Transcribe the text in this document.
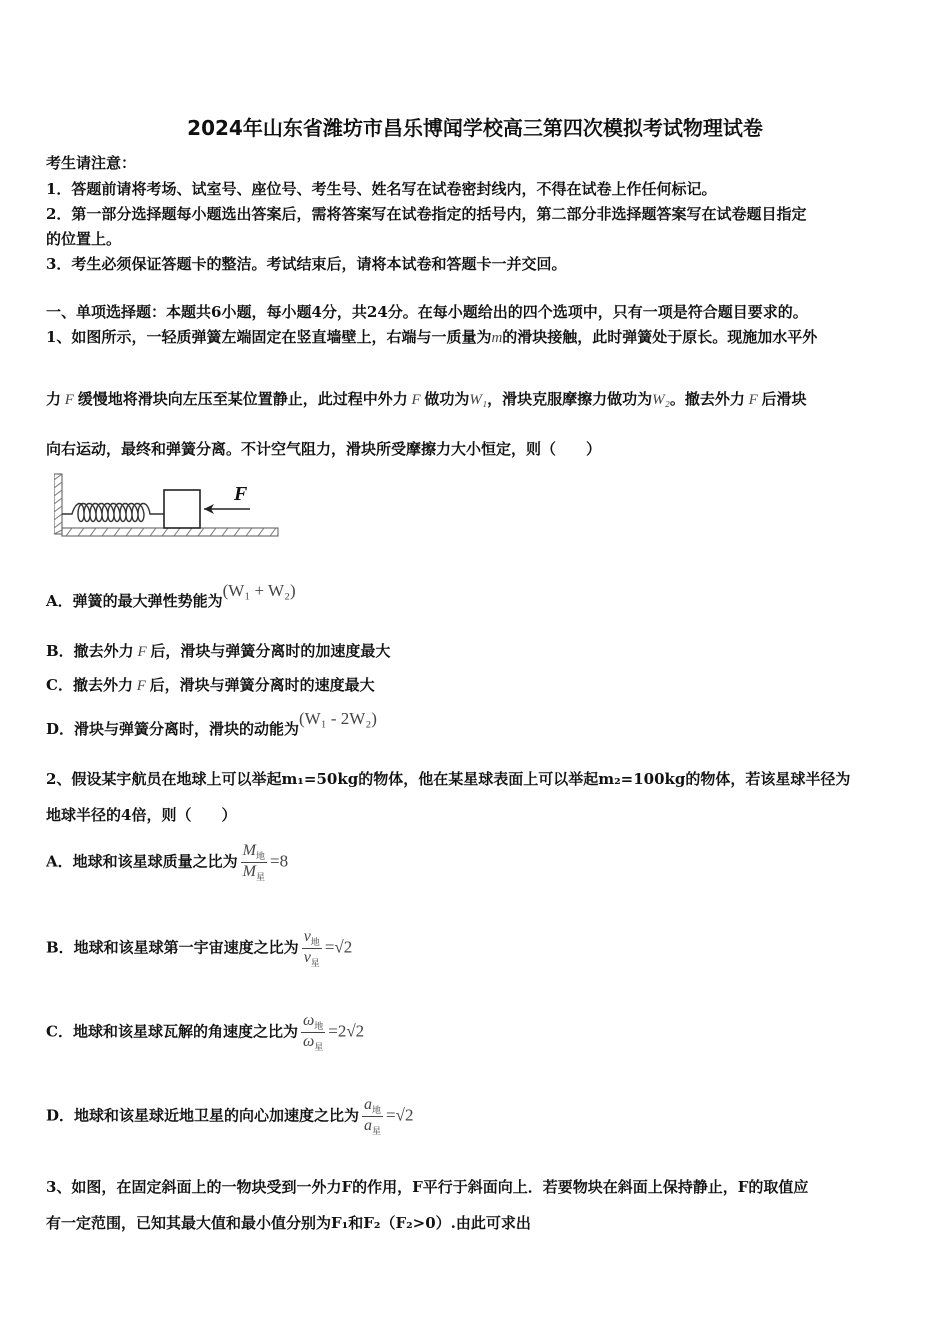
2024年山东省潍坊市昌乐博闻学校高三第四次模拟考试物理试卷
考生请注意：
1．答题前请将考场、试室号、座位号、考生号、姓名写在试卷密封线内，不得在试卷上作任何标记。
2．第一部分选择题每小题选出答案后，需将答案写在试卷指定的括号内，第二部分非选择题答案写在试卷题目指定
的位置上。
3．考生必须保证答题卡的整洁。考试结束后，请将本试卷和答题卡一并交回。
一、单项选择题：本题共6小题，每小题4分，共24分。在每小题给出的四个选项中，只有一项是符合题目要求的。
1、如图所示，一轻质弹簧左端固定在竖直墙壁上，右端与一质量为m的滑块接触，此时弹簧处于原长。现施加水平外
力 F 缓慢地将滑块向左压至某位置静止，此过程中外力 F 做功为W₁，滑块克服摩擦力做功为W₂。撤去外力 F 后滑块
向右运动，最终和弹簧分离。不计空气阻力，滑块所受摩擦力大小恒定，则（　　）
F
A．弹簧的最大弹性势能为(W₁ + W₂)
B．撤去外力 F 后，滑块与弹簧分离时的加速度最大
C．撤去外力 F 后，滑块与弹簧分离时的速度最大
D．滑块与弹簧分离时，滑块的动能为(W₁ - 2W₂)
2、假设某宇航员在地球上可以举起m₁=50kg的物体，他在某星球表面上可以举起m₂=100kg的物体，若该星球半径为
地球半径的4倍，则（　　）
A．地球和该星球质量之比为 $\frac{M_地}{M_星} =8$
B．地球和该星球第一宇宙速度之比为 $\frac{v_地}{v_星} =√2$
C．地球和该星球瓦解的角速度之比为 $\frac{\omega_地}{\omega_星} =2√2$
D．地球和该星球近地卫星的向心加速度之比为 $\frac{a_地}{a_星} =√2$
3、如图，在固定斜面上的一物块受到一外力F的作用，F平行于斜面向上．若要物块在斜面上保持静止，F的取值应
有一定范围，已知其最大值和最小值分别为F₁和F₂（F₂>0）.由此可求出
